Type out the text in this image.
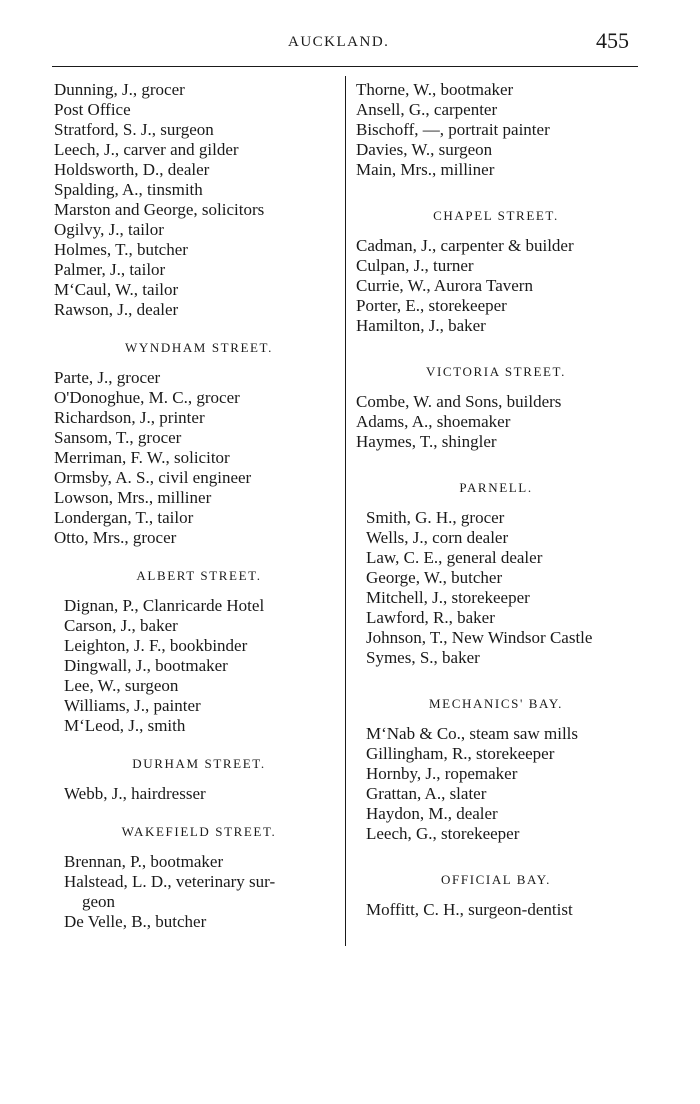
AUCKLAND.	455
Dunning, J., grocer
Post Office
Stratford, S. J., surgeon
Leech, J., carver and gilder
Holdsworth, D., dealer
Spalding, A., tinsmith
Marston and George, solicitors
Ogilvy, J., tailor
Holmes, T., butcher
Palmer, J., tailor
M‘Caul, W., tailor
Rawson, J., dealer
WYNDHAM STREET.
Parte, J., grocer
O'Donoghue, M. C., grocer
Richardson, J., printer
Sansom, T., grocer
Merriman, F. W., solicitor
Ormsby, A. S., civil engineer
Lowson, Mrs., milliner
Londergan, T., tailor
Otto, Mrs., grocer
ALBERT STREET.
Dignan, P., Clanricarde Hotel
Carson, J., baker
Leighton, J. F., bookbinder
Dingwall, J., bootmaker
Lee, W., surgeon
Williams, J., painter
M‘Leod, J., smith
DURHAM STREET.
Webb, J., hairdresser
WAKEFIELD STREET.
Brennan, P., bootmaker
Halstead, L. D., veterinary sur-
geon
De Velle, B., butcher
Thorne, W., bootmaker
Ansell, G., carpenter
Bischoff, —, portrait painter
Davies, W., surgeon
Main, Mrs., milliner
CHAPEL STREET.
Cadman, J., carpenter & builder
Culpan, J., turner
Currie, W., Aurora Tavern
Porter, E., storekeeper
Hamilton, J., baker
VICTORIA STREET.
Combe, W. and Sons, builders
Adams, A., shoemaker
Haymes, T., shingler
PARNELL.
Smith, G. H., grocer
Wells, J., corn dealer
Law, C. E., general dealer
George, W., butcher
Mitchell, J., storekeeper
Lawford, R., baker
Johnson, T., New Windsor Castle
Symes, S., baker
MECHANICS' BAY.
M‘Nab & Co., steam saw mills
Gillingham, R., storekeeper
Hornby, J., ropemaker
Grattan, A., slater
Haydon, M., dealer
Leech, G., storekeeper
OFFICIAL BAY.
Moffitt, C. H., surgeon-dentist
